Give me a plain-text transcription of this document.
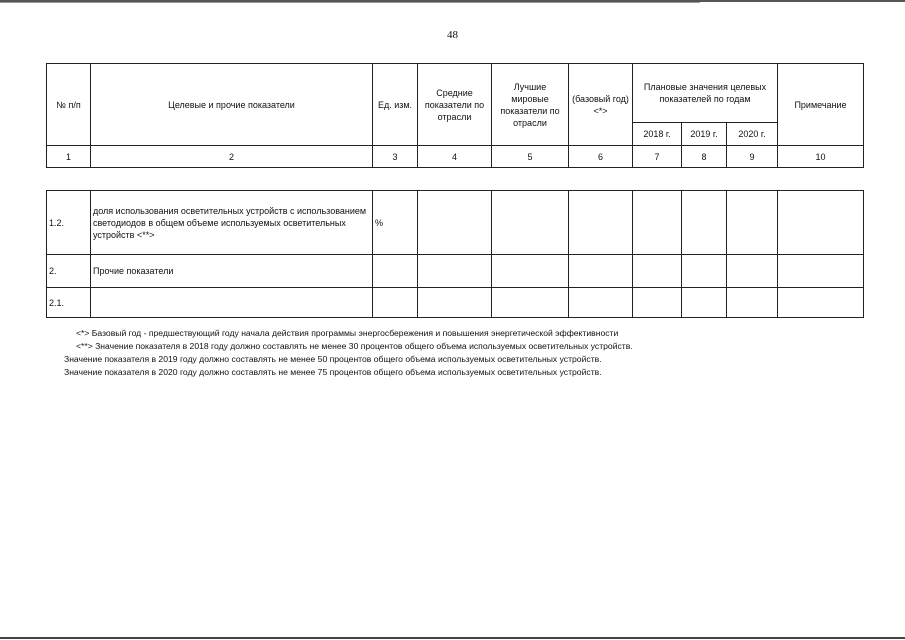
48
№ п/п	Целевые и прочие показатели	Ед. изм.	Средние показатели по отрасли	Лучшие мировые показатели по отрасли	(базовый год) <*>	Плановые значения целевых показателей по годам			Примечание
						2018 г.	2019 г.	2020 г.	
1	2	3	4	5	6	7	8	9	10

1.2.	доля использования осветительных устройств с использованием светодиодов в общем объеме используемых осветительных устройств <**>	%							
2.	Прочие показатели								
2.1.									
<*> Базовый год - предшествующий году начала действия программы энергосбережения и повышения энергетической эффективности
<**> Значение показателя в 2018 году должно составлять не менее 30 процентов общего объема используемых осветительных устройств.
Значение показателя в 2019 году должно составлять не менее 50 процентов общего объема используемых осветительных устройств.
Значение показателя в 2020 году должно составлять не менее 75 процентов общего объема используемых осветительных устройств.
